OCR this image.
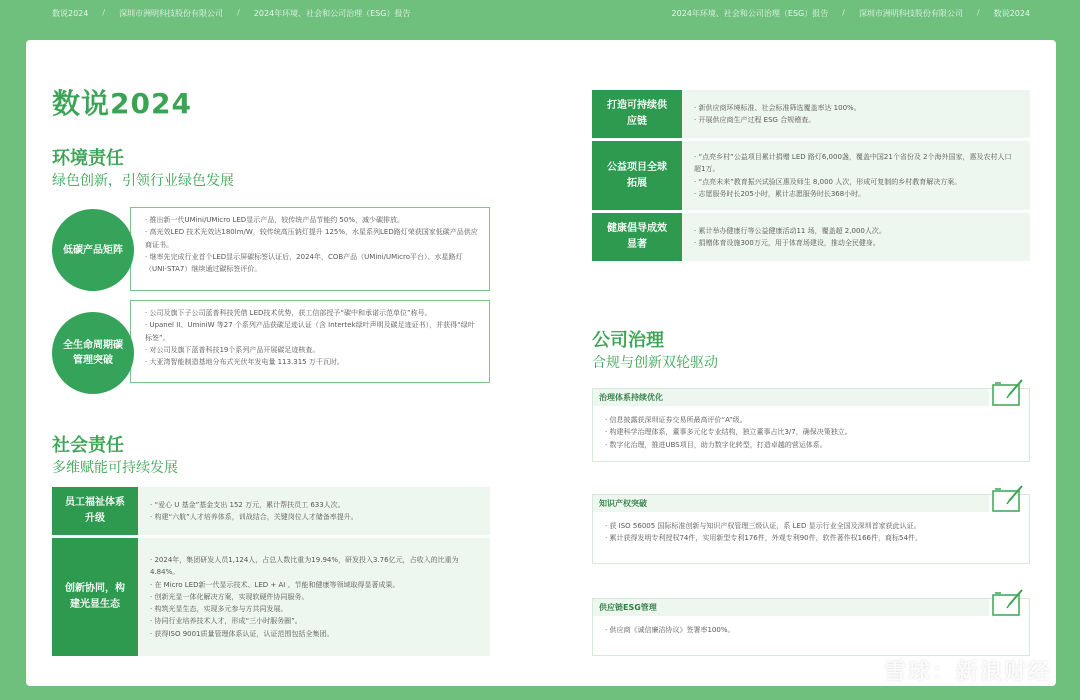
数说2024 / 深圳市洲明科技股份有限公司 / 2024年环境、社会和公司治理（ESG）报告	2024年环境、社会和公司治理（ESG）报告 / 深圳市洲明科技股份有限公司 / 数说2024
数说2024
环境责任
绿色创新，引领行业绿色发展
低碳产品矩阵
· 推出新一代UMini/UMicro LED显示产品，较传统产品节能约 50%，减少碳排放。
· 高光效LED 技术光效达180lm/W，较传统高压钠灯提升 125%，水星系列LED路灯荣获国家低碳产品供应商证书。
· 继率先完成行业首个LED显示屏碳标签认证后，2024年，COB产品（UMini/UMicro平台）、水星路灯（UNI-STA7）继续通过碳标签评价。
全生命周期碳管理突破
· 公司及旗下子公司蓝普科技凭借 LED技术优势，获工信部授予“碳中和承诺示范单位”称号。
· Upanel II、UminiW 等27 个系列产品获碳足迹认证（含 Intertek绿叶声明及碳足迹证书），并获得“绿叶标签”。
· 对公司及旗下蓝普科技19个系列产品开展碳足迹核查。
· 大亚湾智能制造基地分布式光伏年发电量 113.315 万千瓦时。
社会责任
多维赋能可持续发展
员工福祉体系升级
· “爱心 U 基金”基金支出 152 万元，累计帮扶员工 633人次。
· 构建“六航”人才培养体系，训战结合，关键岗位人才储备率提升。
创新协同，构建光显生态
· 2024年，集团研发人员1,124人，占总人数比重为19.94%，研发投入3.76亿元，占收入的比重为4.84%。
· 在 Micro LED新一代显示技术、LED + AI 、节能和健康等领域取得显著成果。
· 创新光显一体化解决方案，实现软硬件协同服务。
· 构筑光显生态，实现多元参与方共同发展。
· 协同行业培养技术人才，形成“三小时服务圈”。
· 获得ISO 9001质量管理体系认证，认证范围包括全集团。
打造可持续供应链
· 新供应商环境标准、社会标准筛选覆盖率达 100%。
· 开展供应商生产过程 ESG 合规稽查。
公益项目全球拓展
· “点亮乡村”公益项目累计捐赠 LED 路灯6,000盏，覆盖中国21个省份及 2个海外国家，惠及农村人口超1万。
· “点亮未来”教育振兴试验区惠及师生 8,000 人次，形成可复制的乡村教育解决方案。
· 志愿服务时长205小时，累计志愿服务时长368小时。
健康倡导成效显著
· 累计举办健康行等公益健康活动11 场，覆盖超 2,000人次。
· 捐赠体育设施300万元，用于体育场建设，推动全民健身。
公司治理
合规与创新双轮驱动
治理体系持续优化
· 信息披露获深圳证券交易所最高评价“A”级。
· 构建科学治理体系，董事多元化专业结构，独立董事占比3/7，确保决策独立。
· 数字化治理，推进UBS项目，助力数字化转型，打造卓越的营运体系。
知识产权突破
· 获 ISO 56005 国际标准创新与知识产权管理三级认证，系 LED 显示行业全国及深圳首家获此认证。
· 累计获得发明专利授权74件，实用新型专利176件，外观专利90件，软件著作权166件，商标54件。
供应链ESG管理
· 供应商《诚信廉洁协议》签署率100%。
雪球：新浪财经
